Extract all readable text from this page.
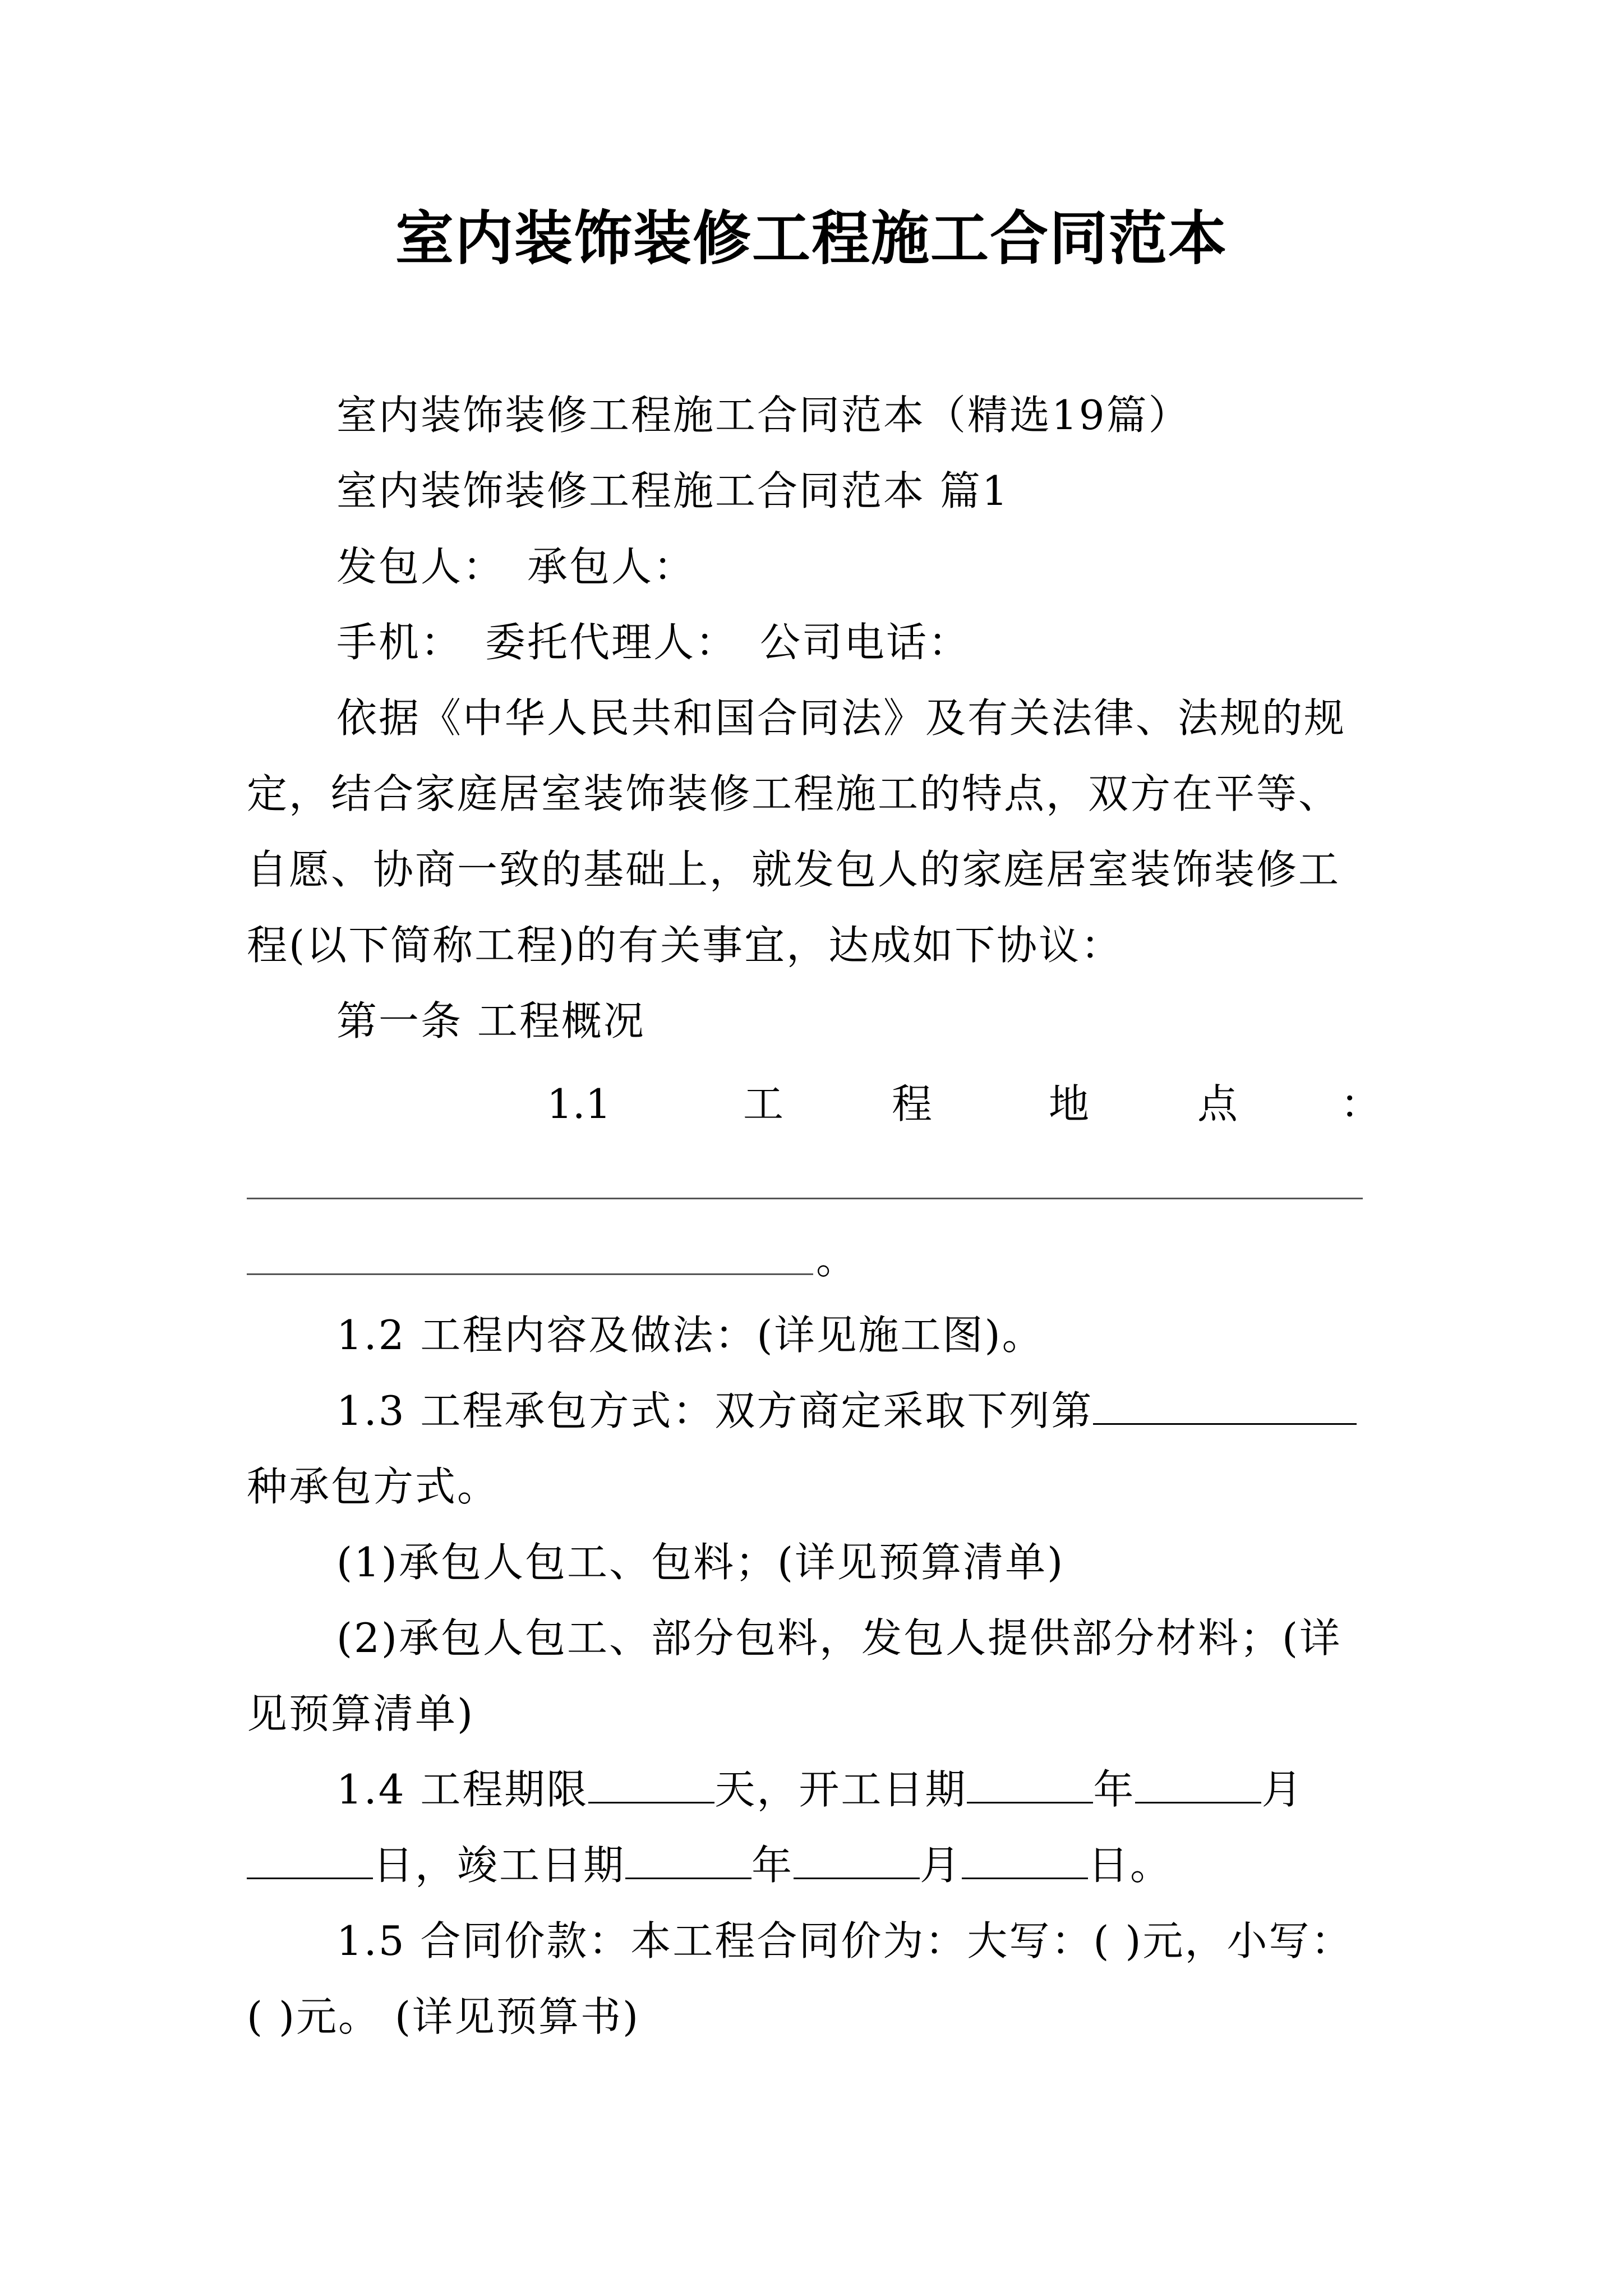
室内装饰装修工程施工合同范本
室内装饰装修工程施工合同范本（精选19篇）
室内装饰装修工程施工合同范本 篇1
发包人： 承包人：
手机： 委托代理人： 公司电话：
依据《中华人民共和国合同法》及有关法律、法规的规
定，结合家庭居室装饰装修工程施工的特点，双方在平等、
自愿、协商一致的基础上，就发包人的家庭居室装饰装修工
程(以下简称工程)的有关事宜，达成如下协议：
第一条 工程概况
1.1	工	程	地	点	：
。
1.2 工程内容及做法：(详见施工图)。
1.3 工程承包方式：双方商定采取下列第
种承包方式。
(1)承包人包工、包料；(详见预算清单)
(2)承包人包工、部分包料，发包人提供部分材料；(详
见预算清单)
1.4 工程期限	天，开工日期	年	月
日，竣工日期	年	月	日。
1.5 合同价款：本工程合同价为：大写：( )元，小写：
( )元。 (详见预算书)
